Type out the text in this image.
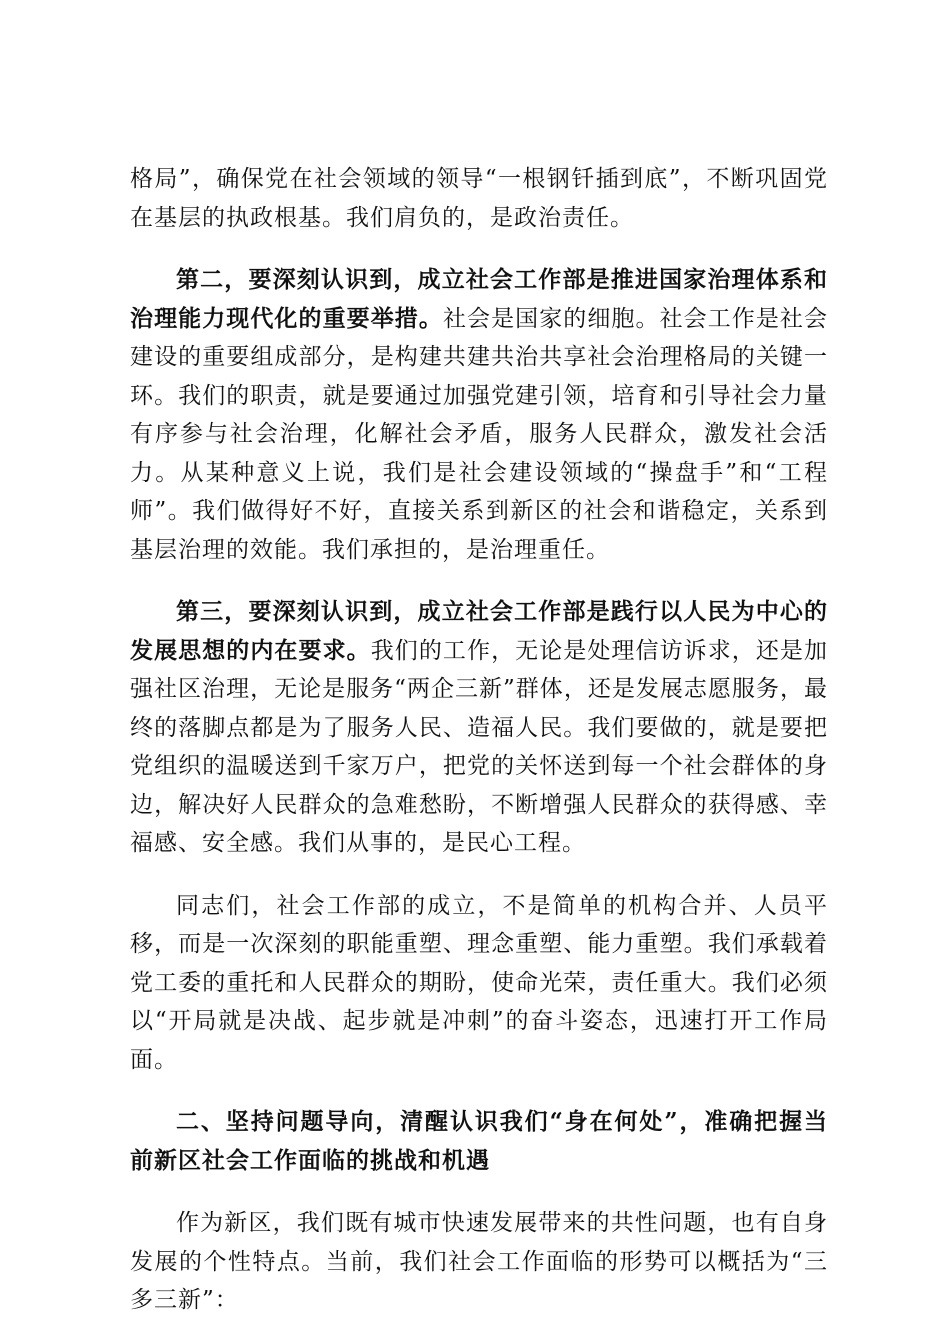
格局”，确保党在社会领域的领导“一根钢钎插到底”，不断巩固党在基层的执政根基。我们肩负的，是政治责任。

第二，要深刻认识到，成立社会工作部是推进国家治理体系和治理能力现代化的重要举措。社会是国家的细胞。社会工作是社会建设的重要组成部分，是构建共建共治共享社会治理格局的关键一环。我们的职责，就是要通过加强党建引领，培育和引导社会力量有序参与社会治理，化解社会矛盾，服务人民群众，激发社会活力。从某种意义上说，我们是社会建设领域的“操盘手”和“工程师”。我们做得好不好，直接关系到新区的社会和谐稳定，关系到基层治理的效能。我们承担的，是治理重任。

第三，要深刻认识到，成立社会工作部是践行以人民为中心的发展思想的内在要求。我们的工作，无论是处理信访诉求，还是加强社区治理，无论是服务“两企三新”群体，还是发展志愿服务，最终的落脚点都是为了服务人民、造福人民。我们要做的，就是要把党组织的温暖送到千家万户，把党的关怀送到每一个社会群体的身边，解决好人民群众的急难愁盼，不断增强人民群众的获得感、幸福感、安全感。我们从事的，是民心工程。

同志们，社会工作部的成立，不是简单的机构合并、人员平移，而是一次深刻的职能重塑、理念重塑、能力重塑。我们承载着党工委的重托和人民群众的期盼，使命光荣，责任重大。我们必须以“开局就是决战、起步就是冲刺”的奋斗姿态，迅速打开工作局面。

二、坚持问题导向，清醒认识我们“身在何处”，准确把握当前新区社会工作面临的挑战和机遇

作为新区，我们既有城市快速发展带来的共性问题，也有自身发展的个性特点。当前，我们社会工作面临的形势可以概括为“三多三新”：
